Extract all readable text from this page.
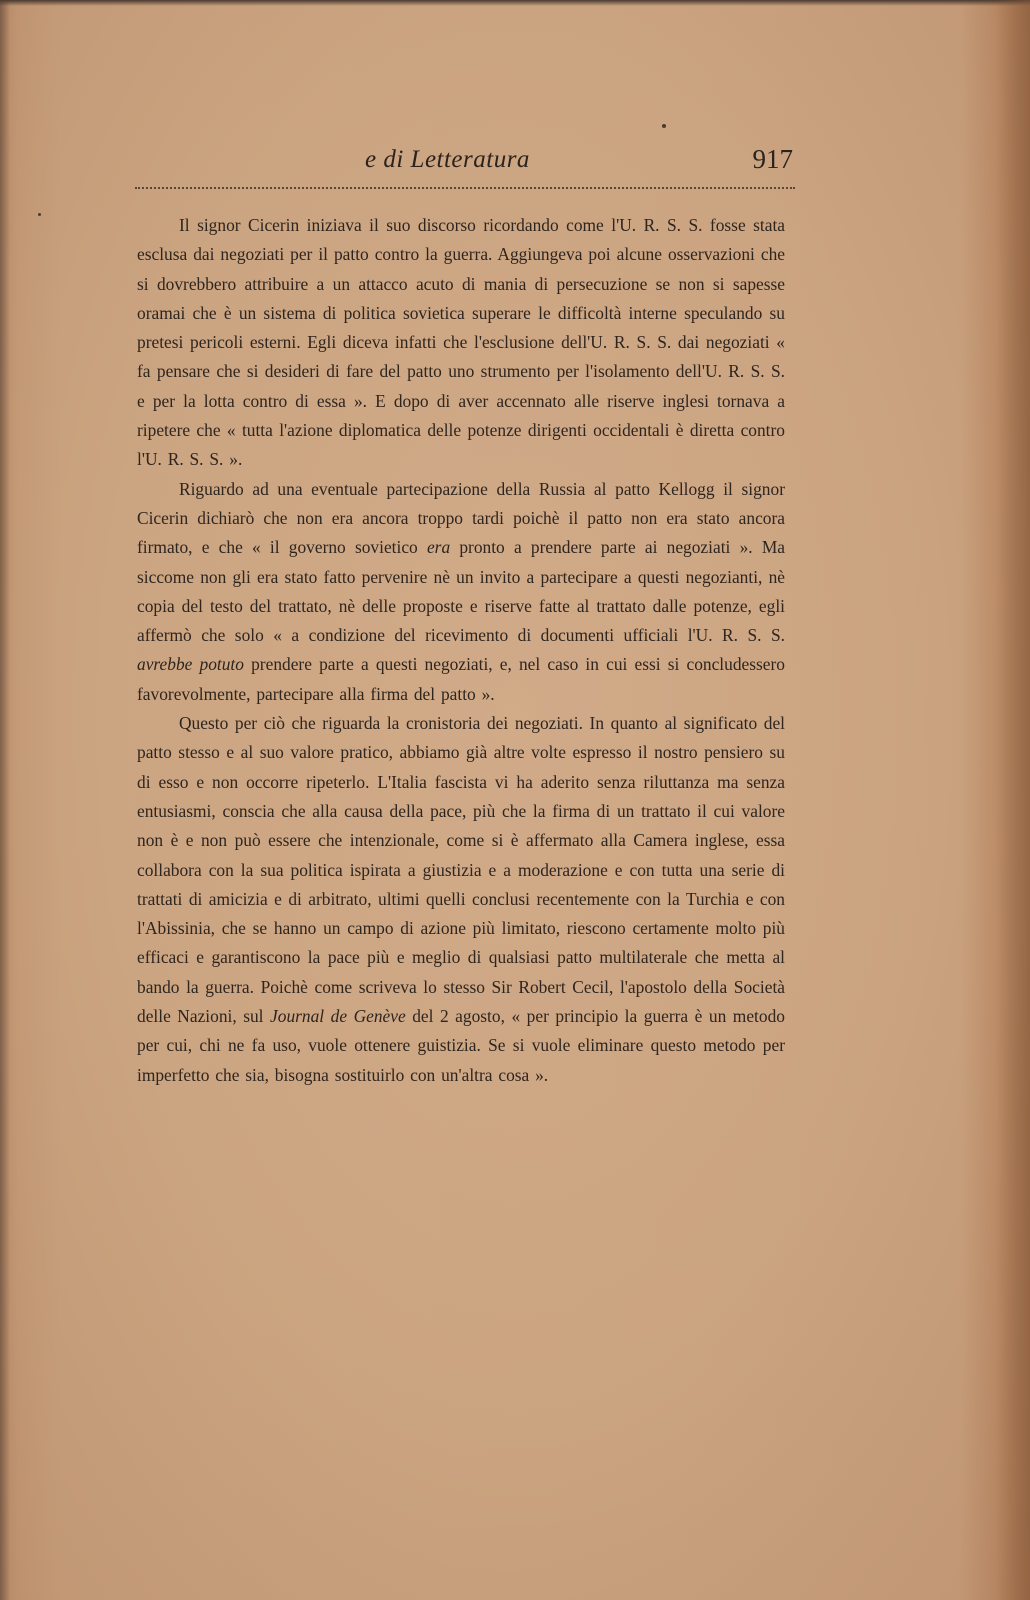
e di Letteratura	917

Il signor Cicerin iniziava il suo discorso ricordando come l'U. R. S. S. fosse stata esclusa dai negoziati per il patto contro la guerra. Aggiungeva poi alcune osservazioni che si dovrebbero attribuire a un attacco acuto di mania di persecuzione se non si sapesse oramai che è un sistema di politica sovietica superare le difficoltà interne speculando su pretesi pericoli esterni. Egli diceva infatti che l'esclusione dell'U. R. S. S. dai negoziati « fa pensare che si desideri di fare del patto uno strumento per l'isolamento dell'U. R. S. S. e per la lotta contro di essa ». E dopo di aver accennato alle riserve inglesi tornava a ripetere che « tutta l'azione diplomatica delle potenze dirigenti occidentali è diretta contro l'U. R. S. S. ».

Riguardo ad una eventuale partecipazione della Russia al patto Kellogg il signor Cicerin dichiarò che non era ancora troppo tardi poichè il patto non era stato ancora firmato, e che « il governo sovietico era pronto a prendere parte ai negoziati ». Ma siccome non gli era stato fatto pervenire nè un invito a partecipare a questi negozianti, nè copia del testo del trattato, nè delle proposte e riserve fatte al trattato dalle potenze, egli affermò che solo « a condizione del ricevimento di documenti ufficiali l'U. R. S. S. avrebbe potuto prendere parte a questi negoziati, e, nel caso in cui essi si concludessero favorevolmente, partecipare alla firma del patto ».

Questo per ciò che riguarda la cronistoria dei negoziati. In quanto al significato del patto stesso e al suo valore pratico, abbiamo già altre volte espresso il nostro pensiero su di esso e non occorre ripeterlo. L'Italia fascista vi ha aderito senza riluttanza ma senza entusiasmi, conscia che alla causa della pace, più che la firma di un trattato il cui valore non è e non può essere che intenzionale, come si è affermato alla Camera inglese, essa collabora con la sua politica ispirata a giustizia e a moderazione e con tutta una serie di trattati di amicizia e di arbitrato, ultimi quelli conclusi recentemente con la Turchia e con l'Abissinia, che se hanno un campo di azione più limitato, riescono certamente molto più efficaci e garantiscono la pace più e meglio di qualsiasi patto multilaterale che metta al bando la guerra. Poichè come scriveva lo stesso Sir Robert Cecil, l'apostolo della Società delle Nazioni, sul Journal de Genève del 2 agosto, « per principio la guerra è un metodo per cui, chi ne fa uso, vuole ottenere guistizia. Se si vuole eliminare questo metodo per imperfetto che sia, bisogna sostituirlo con un'altra cosa ».
